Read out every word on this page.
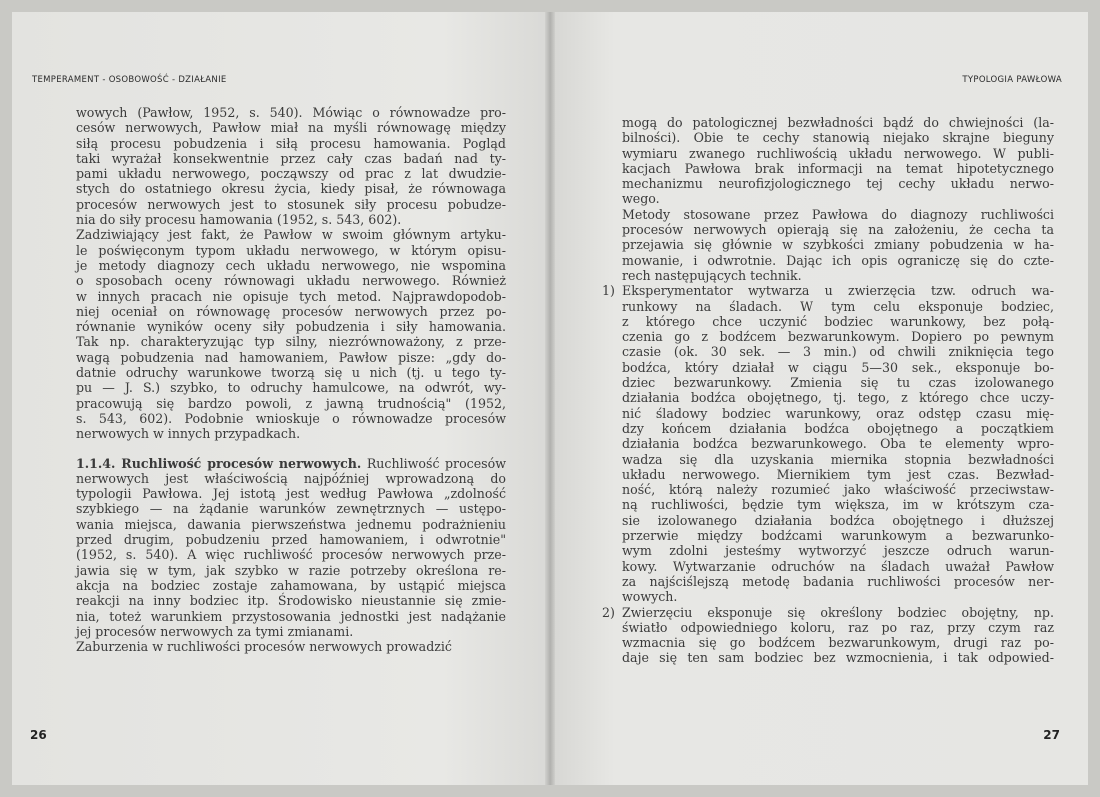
TEMPERAMENT - OSOBOWOŚĆ - DZIAŁANIE
wowych (Pawłow, 1952, s. 540). Mówiąc o równowadze pro-
cesów nerwowych, Pawłow miał na myśli równowagę między
siłą procesu pobudzenia i siłą procesu hamowania. Pogląd
taki wyrażał konsekwentnie przez cały czas badań nad ty-
pami układu nerwowego, począwszy od prac z lat dwudzie-
stych do ostatniego okresu życia, kiedy pisał, że równowaga
procesów nerwowych jest to stosunek siły procesu pobudze-
nia do siły procesu hamowania (1952, s. 543, 602).
Zadziwiający jest fakt, że Pawłow w swoim głównym artyku-
le poświęconym typom układu nerwowego, w którym opisu-
je metody diagnozy cech układu nerwowego, nie wspomina
o sposobach oceny równowagi układu nerwowego. Również
w innych pracach nie opisuje tych metod. Najprawdopodob-
niej oceniał on równowagę procesów nerwowych przez po-
równanie wyników oceny siły pobudzenia i siły hamowania.
Tak np. charakteryzując typ silny, niezrównoważony, z prze-
wagą pobudzenia nad hamowaniem, Pawłow pisze: „gdy do-
datnie odruchy warunkowe tworzą się u nich (tj. u tego ty-
pu — J. S.) szybko, to odruchy hamulcowe, na odwrót, wy-
pracowują się bardzo powoli, z jawną trudnością" (1952,
s. 543, 602). Podobnie wnioskuje o równowadze procesów
nerwowych w innych przypadkach.
1.1.4. Ruchliwość procesów nerwowych. Ruchliwość procesów
nerwowych jest właściwością najpóźniej wprowadzoną do
typologii Pawłowa. Jej istotą jest według Pawłowa „zdolność
szybkiego — na żądanie warunków zewnętrznych — ustępo-
wania miejsca, dawania pierwszeństwa jednemu podrażnieniu
przed drugim, pobudzeniu przed hamowaniem, i odwrotnie"
(1952, s. 540). A więc ruchliwość procesów nerwowych prze-
jawia się w tym, jak szybko w razie potrzeby określona re-
akcja na bodziec zostaje zahamowana, by ustąpić miejsca
reakcji na inny bodziec itp. Środowisko nieustannie się zmie-
nia, toteż warunkiem przystosowania jednostki jest nadążanie
jej procesów nerwowych za tymi zmianami.
Zaburzenia w ruchliwości procesów nerwowych prowadzić
26
TYPOLOGIA PAWŁOWA
mogą do patologicznej bezwładności bądź do chwiejności (la-
bilności). Obie te cechy stanowią niejako skrajne bieguny
wymiaru zwanego ruchliwością układu nerwowego. W publi-
kacjach Pawłowa brak informacji na temat hipotetycznego
mechanizmu neurofizjologicznego tej cechy układu nerwo-
wego.
Metody stosowane przez Pawłowa do diagnozy ruchliwości
procesów nerwowych opierają się na założeniu, że cecha ta
przejawia się głównie w szybkości zmiany pobudzenia w ha-
mowanie, i odwrotnie. Dając ich opis ograniczę się do czte-
rech następujących technik.
1) Eksperymentator wytwarza u zwierzęcia tzw. odruch wa-
runkowy na śladach. W tym celu eksponuje bodziec,
z którego chce uczynić bodziec warunkowy, bez połą-
czenia go z bodźcem bezwarunkowym. Dopiero po pewnym
czasie (ok. 30 sek. — 3 min.) od chwili zniknięcia tego
bodźca, który działał w ciągu 5—30 sek., eksponuje bo-
dziec bezwarunkowy. Zmienia się tu czas izolowanego
działania bodźca obojętnego, tj. tego, z którego chce uczy-
nić śladowy bodziec warunkowy, oraz odstęp czasu mię-
dzy końcem działania bodźca obojętnego a początkiem
działania bodźca bezwarunkowego. Oba te elementy wpro-
wadza się dla uzyskania miernika stopnia bezwładności
układu nerwowego. Miernikiem tym jest czas. Bezwład-
ność, którą należy rozumieć jako właściwość przeciwstaw-
ną ruchliwości, będzie tym większa, im w krótszym cza-
sie izolowanego działania bodźca obojętnego i dłuższej
przerwie między bodźcami warunkowym a bezwarunko-
wym zdolni jesteśmy wytworzyć jeszcze odruch warun-
kowy. Wytwarzanie odruchów na śladach uważał Pawłow
za najściślejszą metodę badania ruchliwości procesów ner-
wowych.
2) Zwierzęciu eksponuje się określony bodziec obojętny, np.
światło odpowiedniego koloru, raz po raz, przy czym raz
wzmacnia się go bodźcem bezwarunkowym, drugi raz po-
daje się ten sam bodziec bez wzmocnienia, i tak odpowied-
27
